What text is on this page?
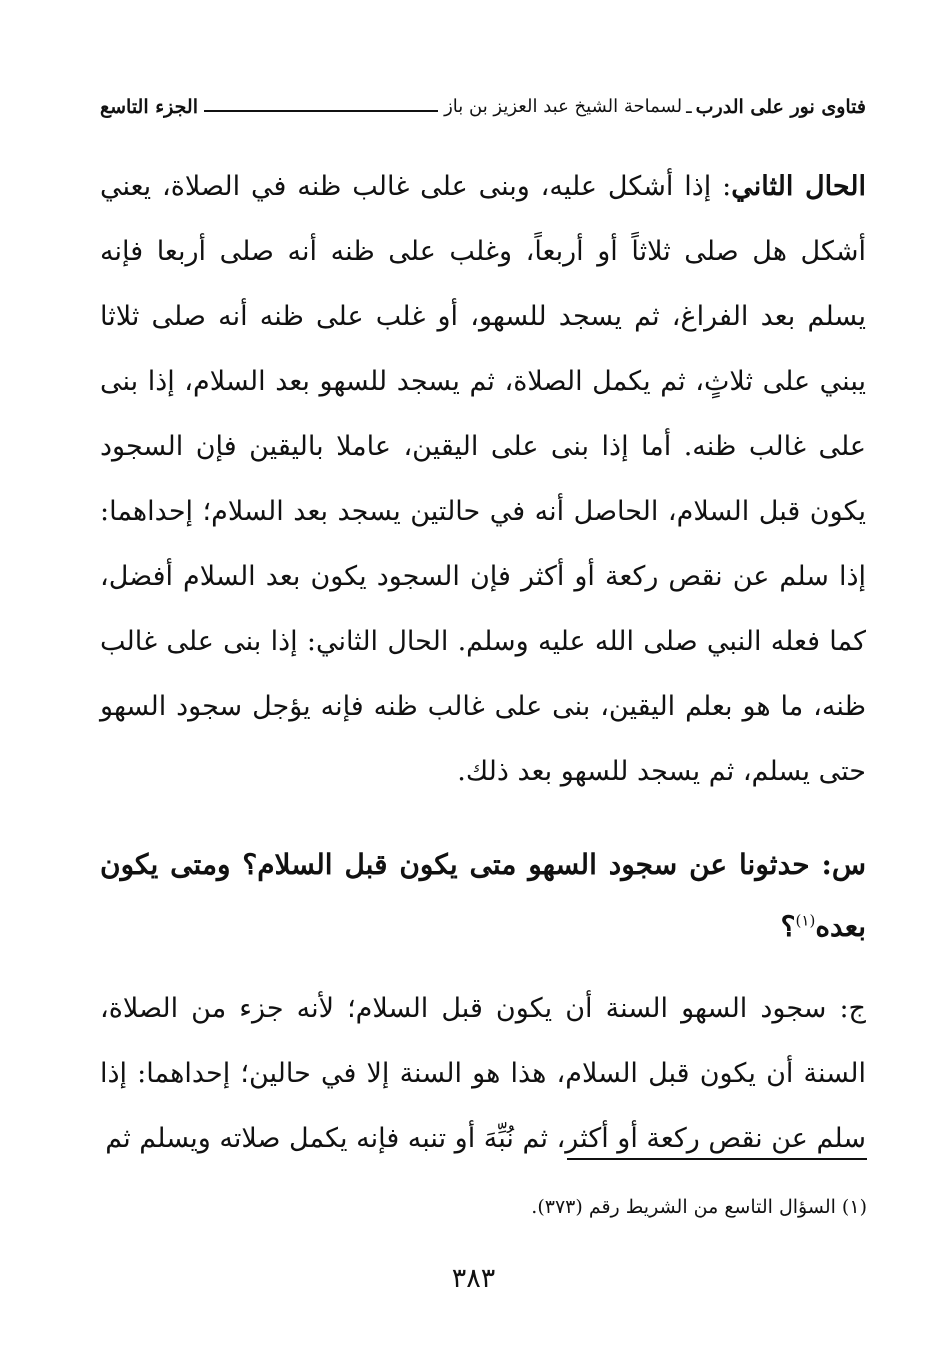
فتاوى نور على الدرب
ـ
لسماحة الشيخ عبد العزيز بن باز
الجزء التاسع

الحال الثاني: إذا أشكل عليه، وبنى على غالب ظنه في الصلاة، يعني أشكل هل صلى ثلاثاً أو أربعاً، وغلب على ظنه أنه صلى أربعا فإنه يسلم بعد الفراغ، ثم يسجد للسهو، أو غلب على ظنه أنه صلى ثلاثا يبني على ثلاثٍ، ثم يكمل الصلاة، ثم يسجد للسهو بعد السلام، إذا بنى على غالب ظنه. أما إذا بنى على اليقين، عاملا باليقين فإن السجود يكون قبل السلام، الحاصل أنه في حالتين يسجد بعد السلام؛ إحداهما: إذا سلم عن نقص ركعة أو أكثر فإن السجود يكون بعد السلام أفضل، كما فعله النبي صلى الله عليه وسلم. الحال الثاني: إذا بنى على غالب ظنه، ما هو بعلم اليقين، بنى على غالب ظنه فإنه يؤجل سجود السهو حتى يسلم، ثم يسجد للسهو بعد ذلك.

س: حدثونا عن سجود السهو متى يكون قبل السلام؟ ومتى يكون بعده$^{(١)}$؟
ج: سجود السهو السنة أن يكون قبل السلام؛ لأنه جزء من الصلاة، السنة أن يكون قبل السلام، هذا هو السنة إلا في حالين؛ إحداهما: إذا سلم عن نقص ركعة أو أكثر، ثم نُبِّهَ أو تنبه فإنه يكمل صلاته ويسلم ثم
(١) السؤال التاسع من الشريط رقم (٣٧٣).
٣٨٣
